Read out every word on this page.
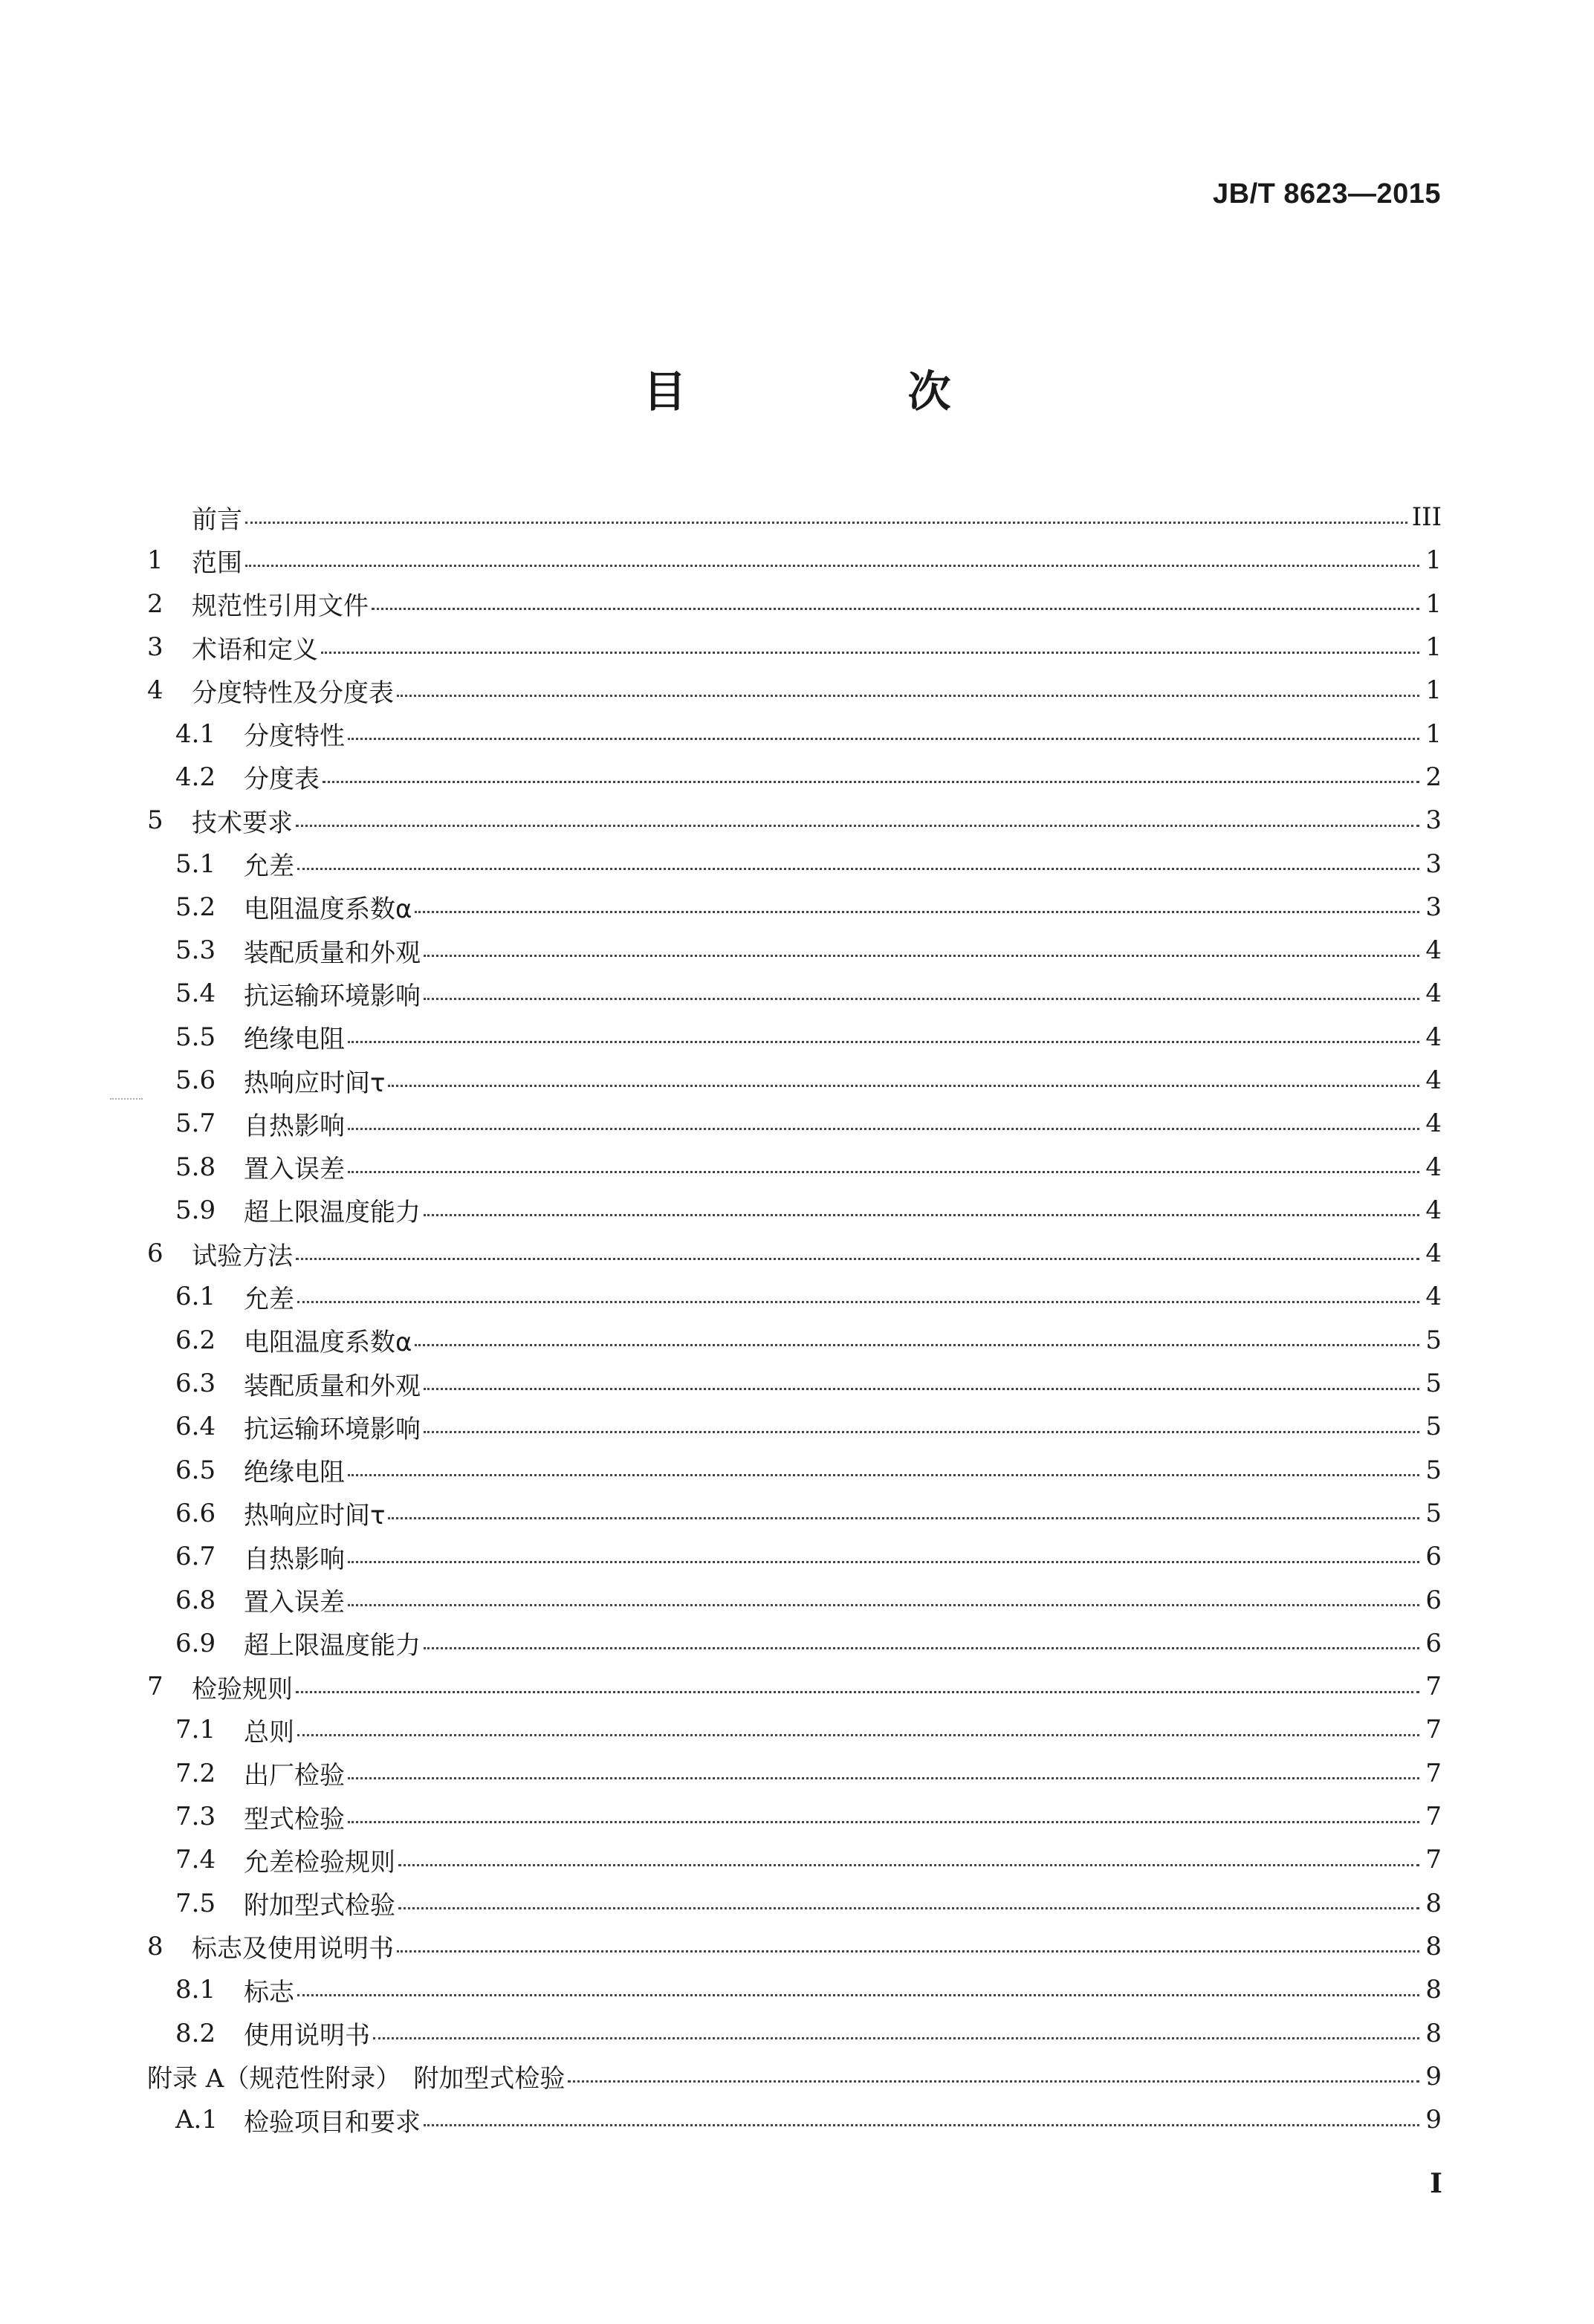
JB/T 8623—2015
目　次
前言	III
1	范围	1
2	规范性引用文件	1
3	术语和定义	1
4	分度特性及分度表	1
4.1	分度特性	1
4.2	分度表	2
5	技术要求	3
5.1	允差	3
5.2	电阻温度系数α	3
5.3	装配质量和外观	4
5.4	抗运输环境影响	4
5.5	绝缘电阻	4
5.6	热响应时间τ	4
5.7	自热影响	4
5.8	置入误差	4
5.9	超上限温度能力	4
6	试验方法	4
6.1	允差	4
6.2	电阻温度系数α	5
6.3	装配质量和外观	5
6.4	抗运输环境影响	5
6.5	绝缘电阻	5
6.6	热响应时间τ	5
6.7	自热影响	6
6.8	置入误差	6
6.9	超上限温度能力	6
7	检验规则	7
7.1	总则	7
7.2	出厂检验	7
7.3	型式检验	7
7.4	允差检验规则	7
7.5	附加型式检验	8
8	标志及使用说明书	8
8.1	标志	8
8.2	使用说明书	8
附录 A （规范性附录）　附加型式检验	9
A.1	检验项目和要求	9
I
